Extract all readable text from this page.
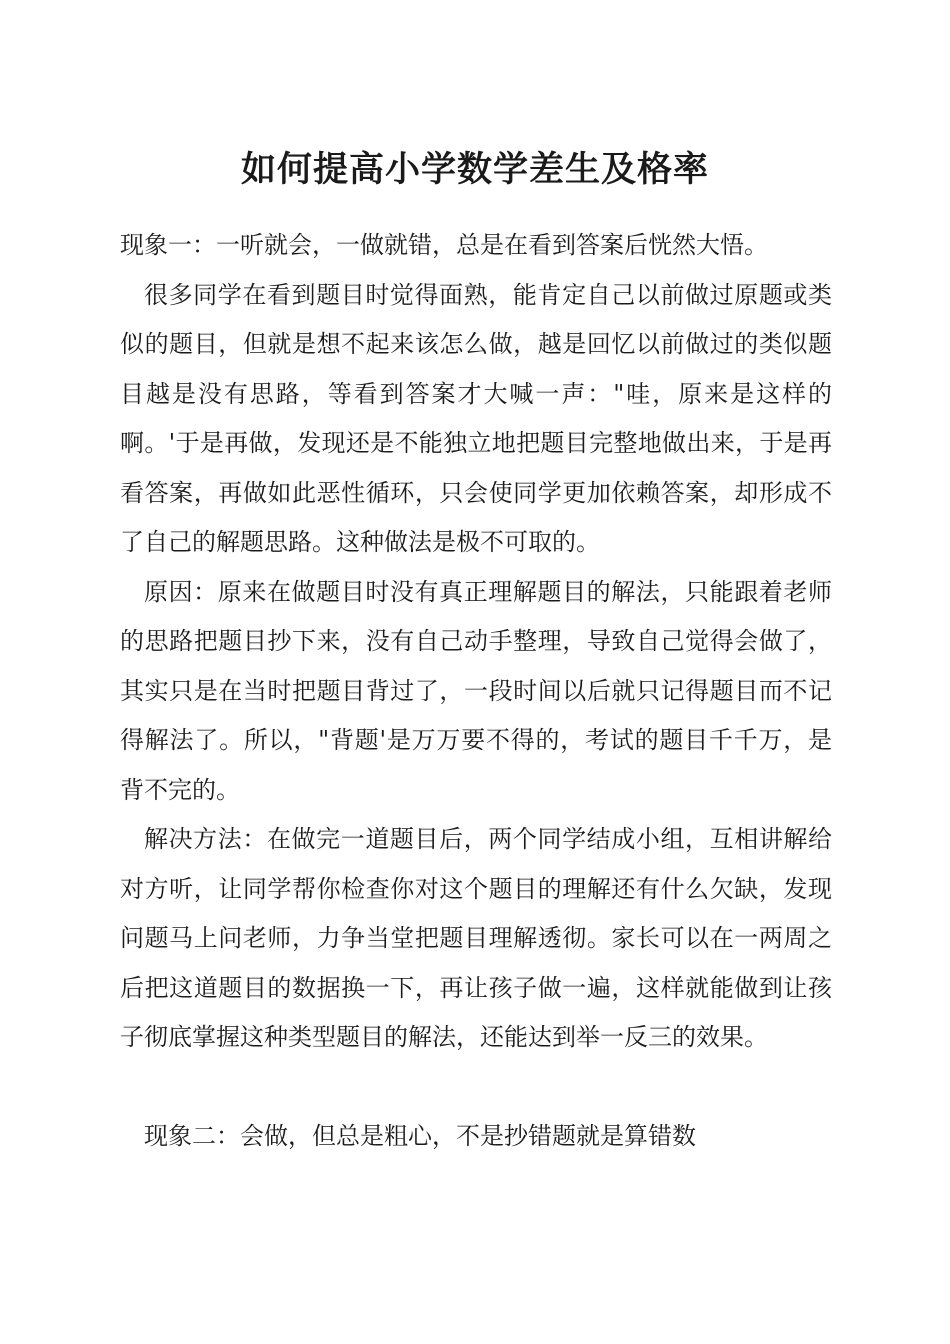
如何提高小学数学差生及格率

现象一：一听就会，一做就错，总是在看到答案后恍然大悟。

很多同学在看到题目时觉得面熟，能肯定自己以前做过原题或类似的题目，但就是想不起来该怎么做，越是回忆以前做过的类似题目越是没有思路，等看到答案才大喊一声："哇，原来是这样的啊。'于是再做，发现还是不能独立地把题目完整地做出来，于是再看答案，再做如此恶性循环，只会使同学更加依赖答案，却形成不了自己的解题思路。这种做法是极不可取的。

原因：原来在做题目时没有真正理解题目的解法，只能跟着老师的思路把题目抄下来，没有自己动手整理，导致自己觉得会做了，其实只是在当时把题目背过了，一段时间以后就只记得题目而不记得解法了。所以，"背题'是万万要不得的，考试的题目千千万，是背不完的。

解决方法：在做完一道题目后，两个同学结成小组，互相讲解给对方听，让同学帮你检查你对这个题目的理解还有什么欠缺，发现问题马上问老师，力争当堂把题目理解透彻。家长可以在一两周之后把这道题目的数据换一下，再让孩子做一遍，这样就能做到让孩子彻底掌握这种类型题目的解法，还能达到举一反三的效果。

现象二：会做，但总是粗心，不是抄错题就是算错数
